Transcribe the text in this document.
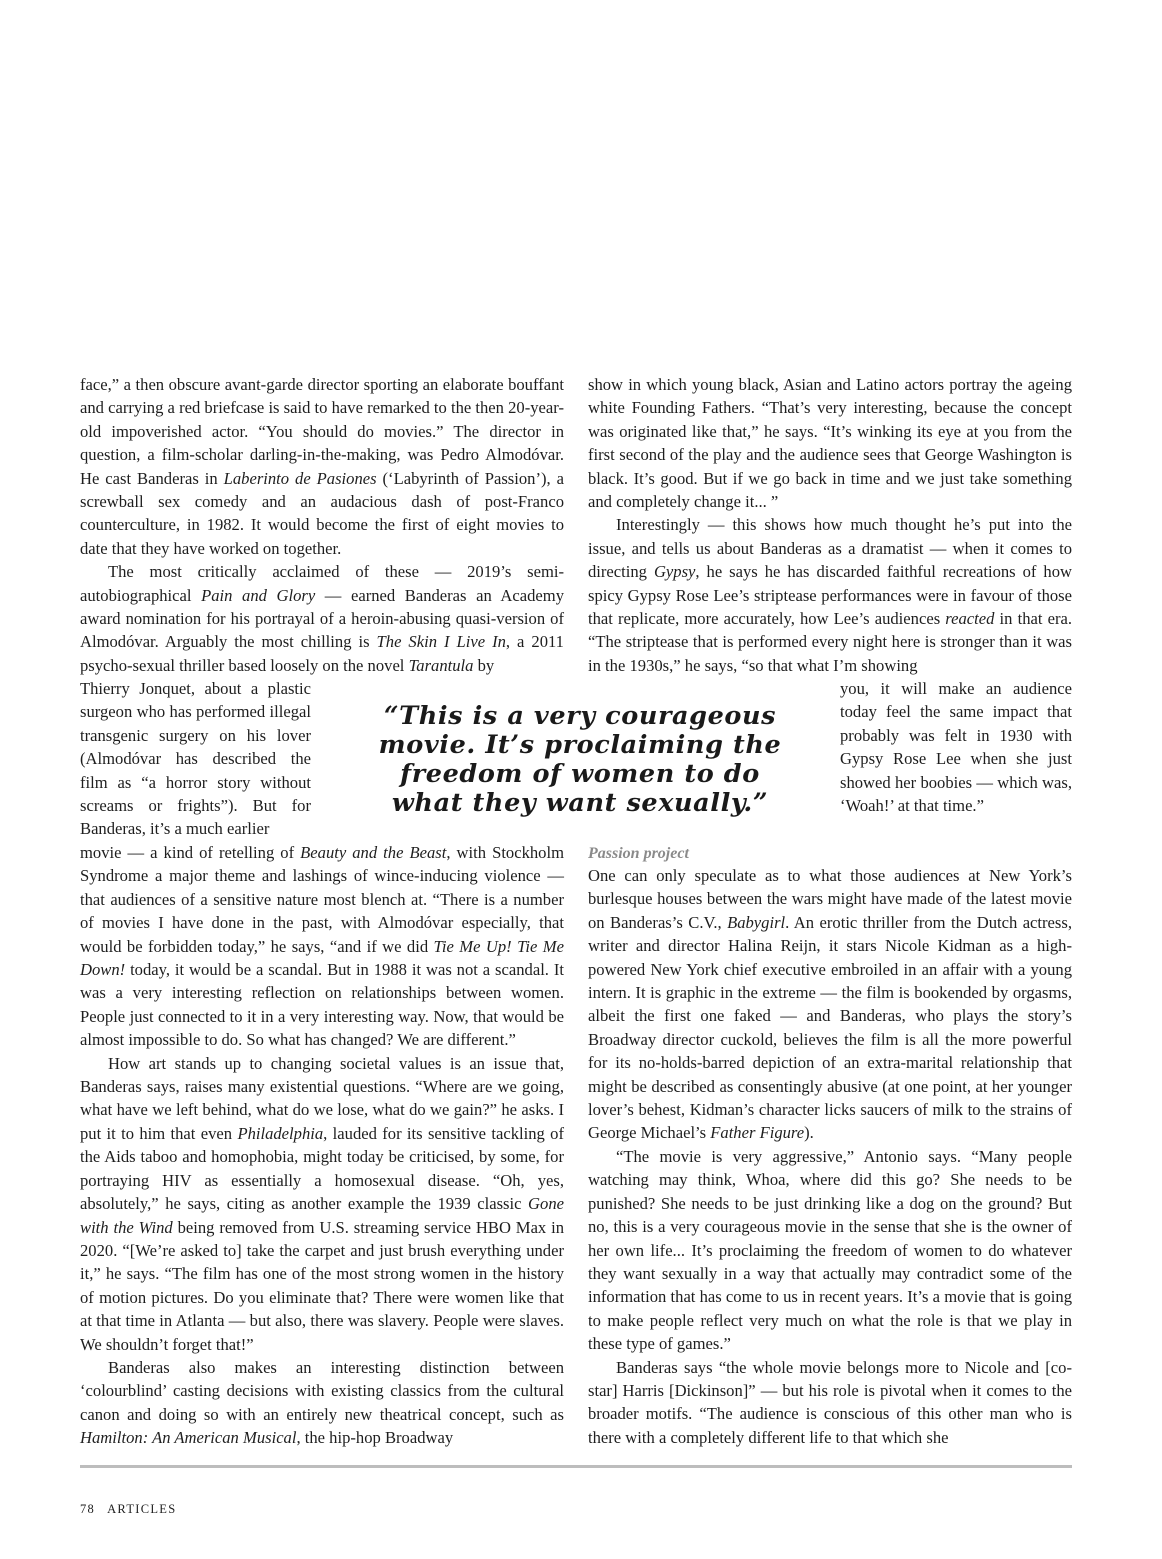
face,” a then obscure avant-garde director sporting an elaborate bouffant and carrying a red briefcase is said to have remarked to the then 20-year-old impoverished actor. “You should do movies.” The director in question, a film-scholar darling-in-the-making, was Pedro Almodóvar. He cast Banderas in Laberinto de Pasiones (‘Labyrinth of Passion’), a screwball sex comedy and an audacious dash of post-Franco counterculture, in 1982. It would become the first of eight movies to date that they have worked on together.

The most critically acclaimed of these — 2019’s semi-autobiographical Pain and Glory — earned Banderas an Academy award nomination for his portrayal of a heroin-abusing quasi-version of Almodóvar. Arguably the most chilling is The Skin I Live In, a 2011 psycho-sexual thriller based loosely on the novel Tarantula by

Thierry Jonquet, about a plastic surgeon who has performed illegal transgenic surgery on his lover (Almodóvar has described the film as “a horror story without screams or frights”). But for Banderas, it’s a much earlier

movie — a kind of retelling of Beauty and the Beast, with Stockholm Syndrome a major theme and lashings of wince-inducing violence — that audiences of a sensitive nature most blench at. “There is a number of movies I have done in the past, with Almodóvar especially, that would be forbidden today,” he says, “and if we did Tie Me Up! Tie Me Down! today, it would be a scandal. But in 1988 it was not a scandal. It was a very interesting reflection on relationships between women. People just connected to it in a very interesting way. Now, that would be almost impossible to do. So what has changed? We are different.”

How art stands up to changing societal values is an issue that, Banderas says, raises many existential questions. “Where are we going, what have we left behind, what do we lose, what do we gain?” he asks. I put it to him that even Philadelphia, lauded for its sensitive tackling of the Aids taboo and homophobia, might today be criticised, by some, for portraying HIV as essentially a homosexual disease. “Oh, yes, absolutely,” he says, citing as another example the 1939 classic Gone with the Wind being removed from U.S. streaming service HBO Max in 2020. “[We’re asked to] take the carpet and just brush everything under it,” he says. “The film has one of the most strong women in the history of motion pictures. Do you eliminate that? There were women like that at that time in Atlanta — but also, there was slavery. People were slaves. We shouldn’t forget that!”

Banderas also makes an interesting distinction between ‘colourblind’ casting decisions with existing classics from the cultural canon and doing so with an entirely new theatrical concept, such as Hamilton: An American Musical, the hip-hop Broadway

show in which young black, Asian and Latino actors portray the ageing white Founding Fathers. “That’s very interesting, because the concept was originated like that,” he says. “It’s winking its eye at you from the first second of the play and the audience sees that George Washington is black. It’s good. But if we go back in time and we just take something and completely change it... ”

Interestingly — this shows how much thought he’s put into the issue, and tells us about Banderas as a dramatist — when it comes to directing Gypsy, he says he has discarded faithful recreations of how spicy Gypsy Rose Lee’s striptease performances were in favour of those that replicate, more accurately, how Lee’s audiences reacted in that era. “The striptease that is performed every night here is stronger than it was in the 1930s,” he says, “so that what I’m showing

you, it will make an audience today feel the same impact that probably was felt in 1930 with Gypsy Rose Lee when she just showed her boobies — which was, ‘Woah!’ at that time.”

Passion project

One can only speculate as to what those audiences at New York’s burlesque houses between the wars might have made of the latest movie on Banderas’s C.V., Babygirl. An erotic thriller from the Dutch actress, writer and director Halina Reijn, it stars Nicole Kidman as a high-powered New York chief executive embroiled in an affair with a young intern. It is graphic in the extreme — the film is bookended by orgasms, albeit the first one faked — and Banderas, who plays the story’s Broadway director cuckold, believes the film is all the more powerful for its no-holds-barred depiction of an extra-marital relationship that might be described as consentingly abusive (at one point, at her younger lover’s behest, Kidman’s character licks saucers of milk to the strains of George Michael’s Father Figure).

“The movie is very aggressive,” Antonio says. “Many people watching may think, Whoa, where did this go? She needs to be punished? She needs to be just drinking like a dog on the ground? But no, this is a very courageous movie in the sense that she is the owner of her own life... It’s proclaiming the freedom of women to do whatever they want sexually in a way that actually may contradict some of the information that has come to us in recent years. It’s a movie that is going to make people reflect very much on what the role is that we play in these type of games.”

Banderas says “the whole movie belongs more to Nicole and [co-star] Harris [Dickinson]” — but his role is pivotal when it comes to the broader motifs. “The audience is conscious of this other man who is there with a completely different life to that which she

“This is a very courageous
movie. It’s proclaiming the
freedom of women to do
what they want sexually.”
78 ARTICLES
